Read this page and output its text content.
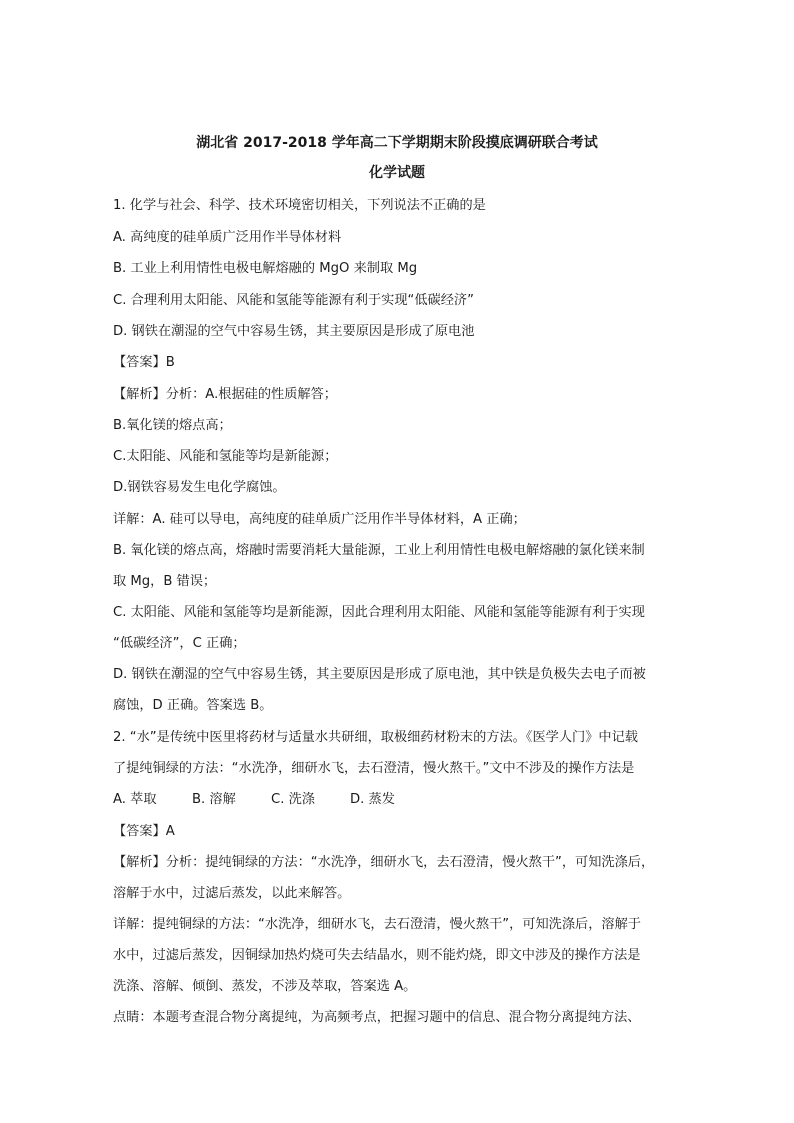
湖北省 2017-2018 学年高二下学期期末阶段摸底调研联合考试
化学试题
1. 化学与社会、科学、技术环境密切相关，下列说法不正确的是
A. 高纯度的硅单质广泛用作半导体材料
B. 工业上利用情性电极电解熔融的 MgO 来制取 Mg
C. 合理利用太阳能、风能和氢能等能源有利于实现“低碳经济”
D. 钢铁在潮湿的空气中容易生锈，其主要原因是形成了原电池
【答案】B
【解析】分析：A.根据硅的性质解答；
B.氧化镁的熔点高；
C.太阳能、风能和氢能等均是新能源；
D.钢铁容易发生电化学腐蚀。
详解：A. 硅可以导电，高纯度的硅单质广泛用作半导体材料，A 正确；
B. 氧化镁的熔点高，熔融时需要消耗大量能源，工业上利用情性电极电解熔融的氯化镁来制
取 Mg，B 错误；
C. 太阳能、风能和氢能等均是新能源，因此合理利用太阳能、风能和氢能等能源有利于实现
“低碳经济”，C 正确；
D. 钢铁在潮湿的空气中容易生锈，其主要原因是形成了原电池，其中铁是负极失去电子而被
腐蚀，D 正确。答案选 B。
2. “水”是传统中医里将药材与适量水共研细，取极细药材粉末的方法。《医学人门》中记载
了提纯铜绿的方法：“水洗净，细研水飞，去石澄清，慢火熬干。”文中不涉及的操作方法是
A. 萃取	B. 溶解	C. 洗涤	D. 蒸发
【答案】A
【解析】分析：提纯铜绿的方法：“水洗净，细研水飞，去石澄清，慢火熬干”，可知洗涤后，
溶解于水中，过滤后蒸发，以此来解答。
详解：提纯铜绿的方法：“水洗净，细研水飞，去石澄清，慢火熬干”，可知洗涤后，溶解于
水中，过滤后蒸发，因铜绿加热灼烧可失去结晶水，则不能灼烧，即文中涉及的操作方法是
洗涤、溶解、倾倒、蒸发，不涉及萃取，答案选 A。
点睛：本题考查混合物分离提纯，为高频考点，把握习题中的信息、混合物分离提纯方法、
